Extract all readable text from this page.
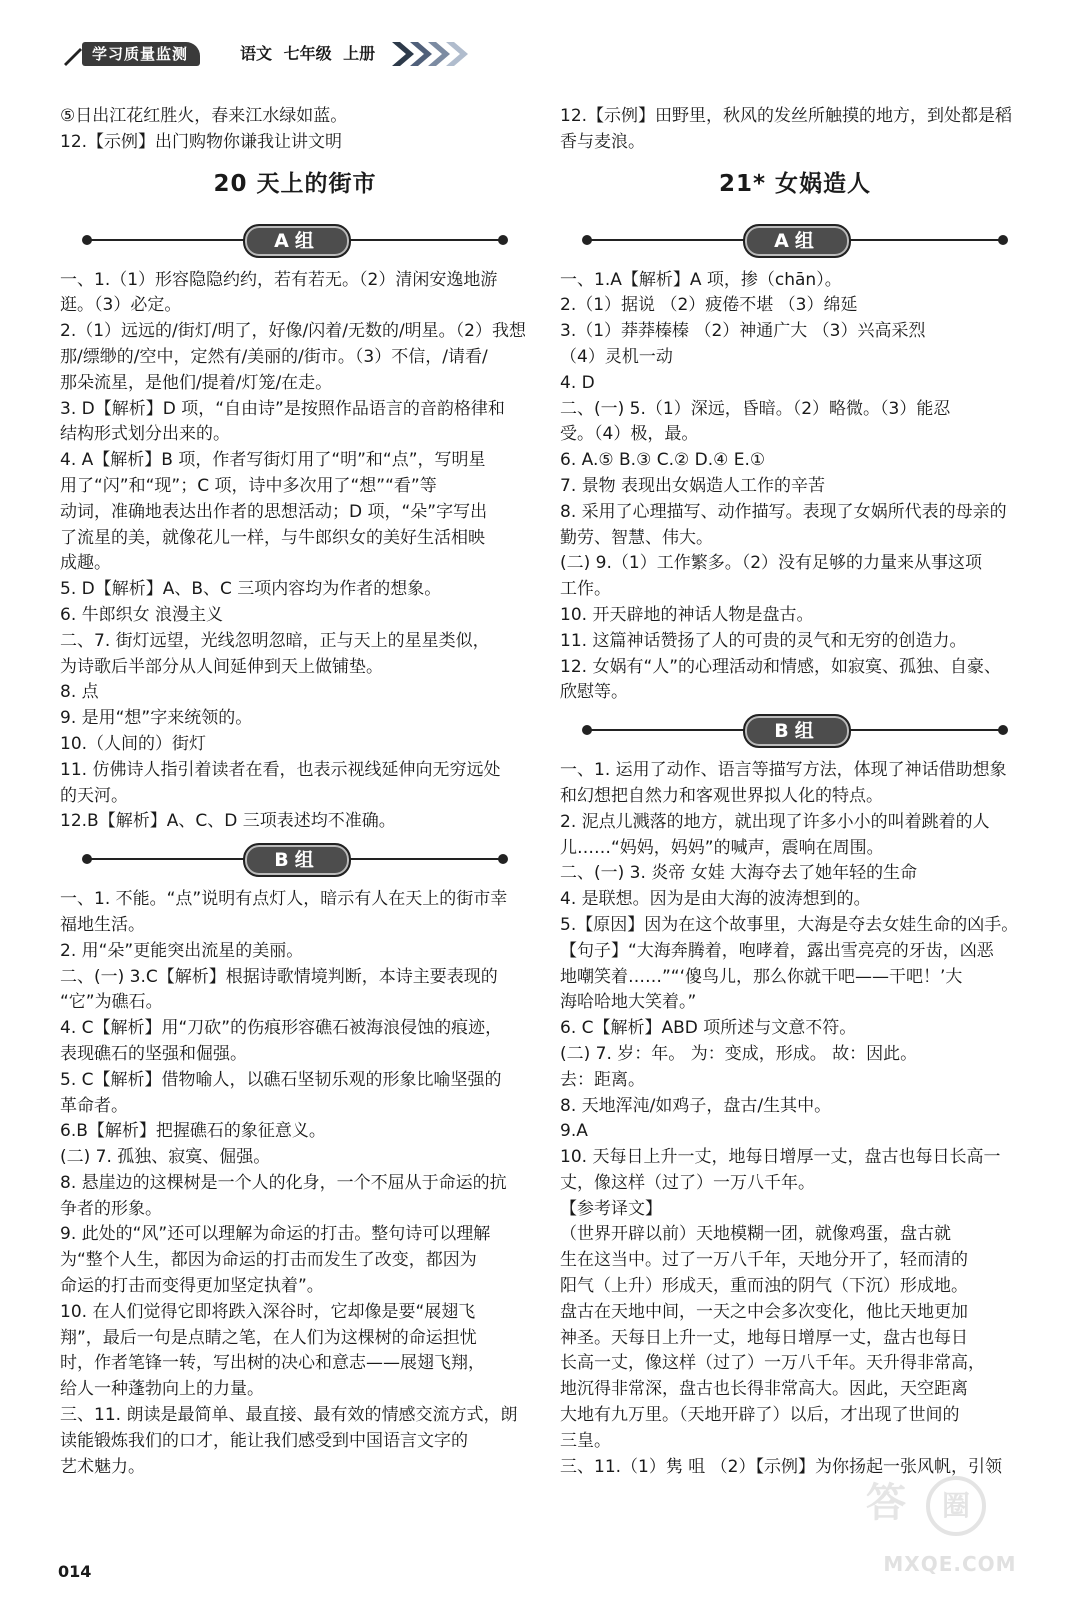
学习质量监测	语文 七年级 上册
⑤日出江花红胜火，春来江水绿如蓝。
12.【示例】出门购物你谦我让讲文明
20 天上的街市
A组
一、1.（1）形容隐隐约约，若有若无。（2）清闲安逸地游
逛。（3）必定。
2.（1）远远的/街灯/明了，好像/闪着/无数的/明星。（2）我想
那/缥缈的/空中，定然有/美丽的/街市。（3）不信，/请看/
那朵流星，是他们/提着/灯笼/在走。
3. D【解析】D 项，“自由诗”是按照作品语言的音韵格律和
结构形式划分出来的。
4. A【解析】B 项，作者写街灯用了“明”和“点”，写明星
用了“闪”和“现”；C 项，诗中多次用了“想”“看”等
动词，准确地表达出作者的思想活动；D 项，“朵”字写出
了流星的美，就像花儿一样，与牛郎织女的美好生活相映
成趣。
5. D【解析】A、B、C 三项内容均为作者的想象。
6. 牛郎织女 浪漫主义
二、7. 街灯远望，光线忽明忽暗，正与天上的星星类似，
为诗歌后半部分从人间延伸到天上做铺垫。
8. 点
9. 是用“想”字来统领的。
10.（人间的）街灯
11. 仿佛诗人指引着读者在看，也表示视线延伸向无穷远处
的天河。
12.B【解析】A、C、D 三项表述均不准确。
B组
一、1. 不能。“点”说明有点灯人，暗示有人在天上的街市幸
福地生活。
2. 用“朵”更能突出流星的美丽。
二、(一) 3.C【解析】根据诗歌情境判断，本诗主要表现的
“它”为礁石。
4. C【解析】用“刀砍”的伤痕形容礁石被海浪侵蚀的痕迹，
表现礁石的坚强和倔强。
5. C【解析】借物喻人，以礁石坚韧乐观的形象比喻坚强的
革命者。
6.B【解析】把握礁石的象征意义。
(二) 7. 孤独、寂寞、倔强。
8. 悬崖边的这棵树是一个人的化身，一个不屈从于命运的抗
争者的形象。
9. 此处的“风”还可以理解为命运的打击。整句诗可以理解
为“整个人生，都因为命运的打击而发生了改变，都因为
命运的打击而变得更加坚定执着”。
10. 在人们觉得它即将跌入深谷时，它却像是要“展翅飞
翔”，最后一句是点睛之笔，在人们为这棵树的命运担忧
时，作者笔锋一转，写出树的决心和意志——展翅飞翔，
给人一种蓬勃向上的力量。
三、11. 朗读是最简单、最直接、最有效的情感交流方式，朗
读能锻炼我们的口才，能让我们感受到中国语言文字的
艺术魅力。
12.【示例】田野里，秋风的发丝所触摸的地方，到处都是稻
香与麦浪。
21* 女娲造人
A组
一、1.A【解析】A 项，掺（chān）。
2.（1）据说 （2）疲倦不堪 （3）绵延
3.（1）莽莽榛榛 （2）神通广大 （3）兴高采烈
（4）灵机一动
4. D
二、(一) 5.（1）深远，昏暗。（2）略微。（3）能忍
受。（4）极，最。
6. A.⑤ B.③ C.② D.④ E.①
7. 景物 表现出女娲造人工作的辛苦
8. 采用了心理描写、动作描写。表现了女娲所代表的母亲的
勤劳、智慧、伟大。
(二) 9.（1）工作繁多。（2）没有足够的力量来从事这项
工作。
10. 开天辟地的神话人物是盘古。
11. 这篇神话赞扬了人的可贵的灵气和无穷的创造力。
12. 女娲有“人”的心理活动和情感，如寂寞、孤独、自豪、
欣慰等。
B组
一、1. 运用了动作、语言等描写方法，体现了神话借助想象
和幻想把自然力和客观世界拟人化的特点。
2. 泥点儿溅落的地方，就出现了许多小小的叫着跳着的人
儿……“妈妈，妈妈”的喊声，震响在周围。
二、(一) 3. 炎帝 女娃 大海夺去了她年轻的生命
4. 是联想。因为是由大海的波涛想到的。
5.【原因】因为在这个故事里，大海是夺去女娃生命的凶手。
【句子】“大海奔腾着，咆哮着，露出雪亮亮的牙齿，凶恶
地嘲笑着……”“‘傻鸟儿，那么你就干吧——干吧！’大
海哈哈地大笑着。”
6. C【解析】ABD 项所述与文意不符。
(二) 7. 岁：年。 为：变成，形成。 故：因此。
去：距离。
8. 天地浑沌/如鸡子，盘古/生其中。
9.A
10. 天每日上升一丈，地每日增厚一丈，盘古也每日长高一
丈，像这样（过了）一万八千年。
【参考译文】
（世界开辟以前）天地模糊一团，就像鸡蛋，盘古就
生在这当中。过了一万八千年，天地分开了，轻而清的
阳气（上升）形成天，重而浊的阴气（下沉）形成地。
盘古在天地中间，一天之中会多次变化，他比天地更加
神圣。天每日上升一丈，地每日增厚一丈，盘古也每日
长高一丈，像这样（过了）一万八千年。天升得非常高，
地沉得非常深，盘古也长得非常高大。因此，天空距离
大地有九万里。（天地开辟了）以后，才出现了世间的
三皇。
三、11.（1）隽 咀 （2）【示例】为你扬起一张风帆，引领
014
答	圈
MXQE.COM
